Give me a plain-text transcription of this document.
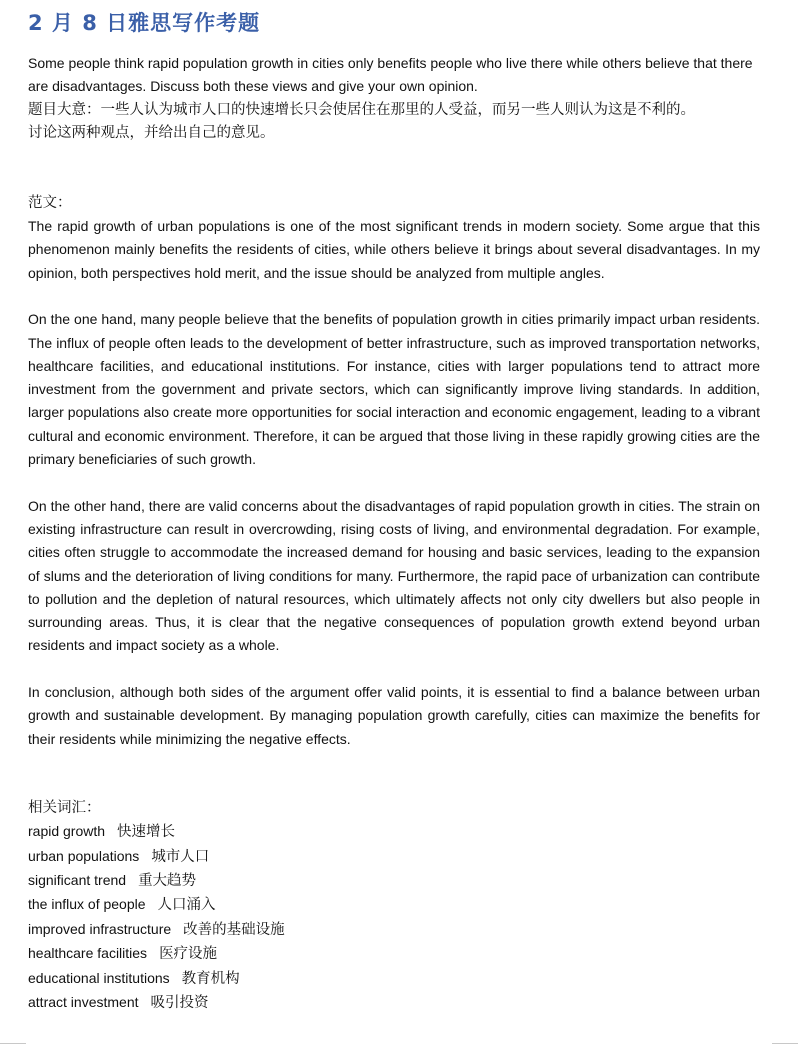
2 月 8 日雅思写作考题

Some people think rapid population growth in cities only benefits people who live there while others believe that there are disadvantages. Discuss both these views and give your own opinion.

题目大意：一些人认为城市人口的快速增长只会使居住在那里的人受益，而另一些人则认为这是不利的。

讨论这两种观点，并给出自己的意见。

范文：

The rapid growth of urban populations is one of the most significant trends in modern society. Some argue that this phenomenon mainly benefits the residents of cities, while others believe it brings about several disadvantages. In my opinion, both perspectives hold merit, and the issue should be analyzed from multiple angles.

On the one hand, many people believe that the benefits of population growth in cities primarily impact urban residents. The influx of people often leads to the development of better infrastructure, such as improved transportation networks, healthcare facilities, and educational institutions. For instance, cities with larger populations tend to attract more investment from the government and private sectors, which can significantly improve living standards. In addition, larger populations also create more opportunities for social interaction and economic engagement, leading to a vibrant cultural and economic environment. Therefore, it can be argued that those living in these rapidly growing cities are the primary beneficiaries of such growth.

On the other hand, there are valid concerns about the disadvantages of rapid population growth in cities. The strain on existing infrastructure can result in overcrowding, rising costs of living, and environmental degradation. For example, cities often struggle to accommodate the increased demand for housing and basic services, leading to the expansion of slums and the deterioration of living conditions for many. Furthermore, the rapid pace of urbanization can contribute to pollution and the depletion of natural resources, which ultimately affects not only city dwellers but also people in surrounding areas. Thus, it is clear that the negative consequences of population growth extend beyond urban residents and impact society as a whole.

In conclusion, although both sides of the argument offer valid points, it is essential to find a balance between urban growth and sustainable development. By managing population growth carefully, cities can maximize the benefits for their residents while minimizing the negative effects.

相关词汇：

rapid growth 快速增长
urban populations 城市人口
significant trend 重大趋势
the influx of people 人口涌入
improved infrastructure 改善的基础设施
healthcare facilities 医疗设施
educational institutions 教育机构
attract investment 吸引投资
